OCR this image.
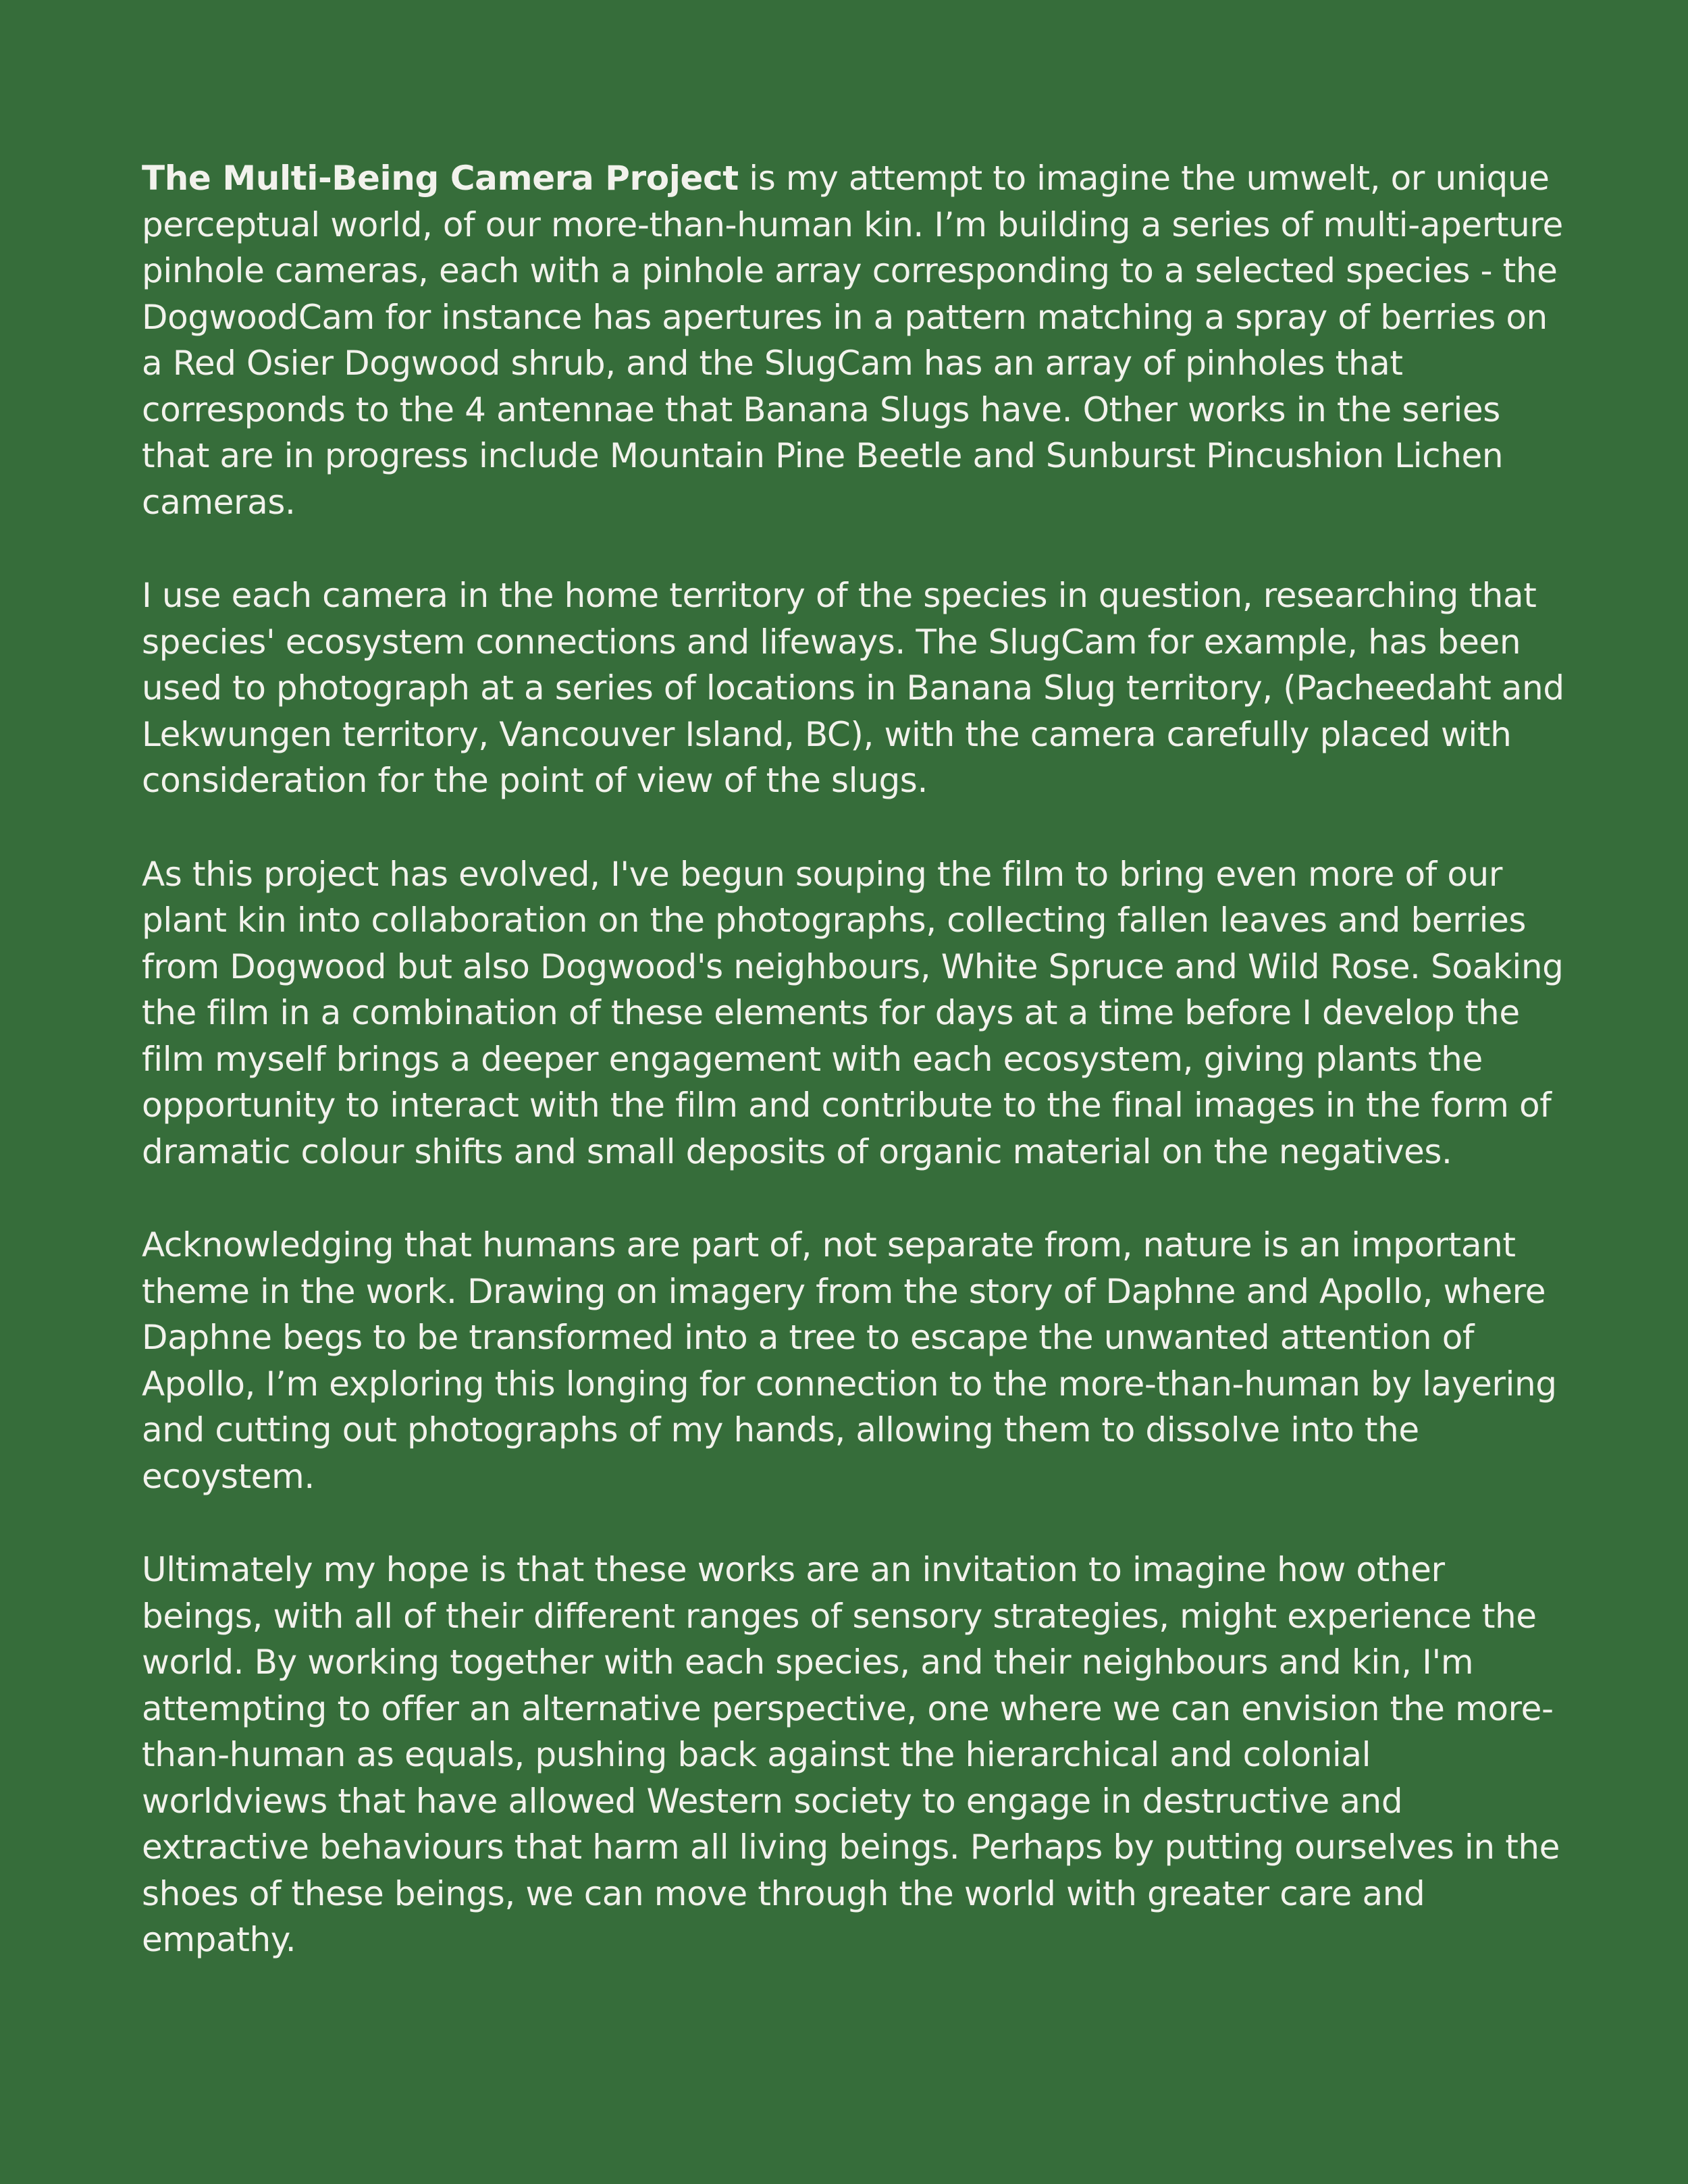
The Multi-Being Camera Project is my attempt to imagine the umwelt, or unique perceptual world, of our more-than-human kin. I’m building a series of multi-aperture pinhole cameras, each with a pinhole array corresponding to a selected species - the DogwoodCam for instance has apertures in a pattern matching a spray of berries on a Red Osier Dogwood shrub, and the SlugCam has an array of pinholes that corresponds to the 4 antennae that Banana Slugs have. Other works in the series that are in progress include Mountain Pine Beetle and Sunburst Pincushion Lichen cameras.

I use each camera in the home territory of the species in question, researching that species' ecosystem connections and lifeways. The SlugCam for example, has been used to photograph at a series of locations in Banana Slug territory, (Pacheedaht and Lekwungen territory, Vancouver Island, BC), with the camera carefully placed with consideration for the point of view of the slugs.

As this project has evolved, I've begun souping the film to bring even more of our plant kin into collaboration on the photographs, collecting fallen leaves and berries from Dogwood but also Dogwood's neighbours, White Spruce and Wild Rose. Soaking the film in a combination of these elements for days at a time before I develop the film myself brings a deeper engagement with each ecosystem, giving plants the opportunity to interact with the film and contribute to the final images in the form of dramatic colour shifts and small deposits of organic material on the negatives.

Acknowledging that humans are part of, not separate from, nature is an important theme in the work. Drawing on imagery from the story of Daphne and Apollo, where Daphne begs to be transformed into a tree to escape the unwanted attention of Apollo, I’m exploring this longing for connection to the more-than-human by layering and cutting out photographs of my hands, allowing them to dissolve into the ecoystem.

Ultimately my hope is that these works are an invitation to imagine how other beings, with all of their different ranges of sensory strategies, might experience the world. By working together with each species, and their neighbours and kin, I'm attempting to offer an alternative perspective, one where we can envision the more-than-human as equals, pushing back against the hierarchical and colonial worldviews that have allowed Western society to engage in destructive and extractive behaviours that harm all living beings. Perhaps by putting ourselves in the shoes of these beings, we can move through the world with greater care and empathy.
